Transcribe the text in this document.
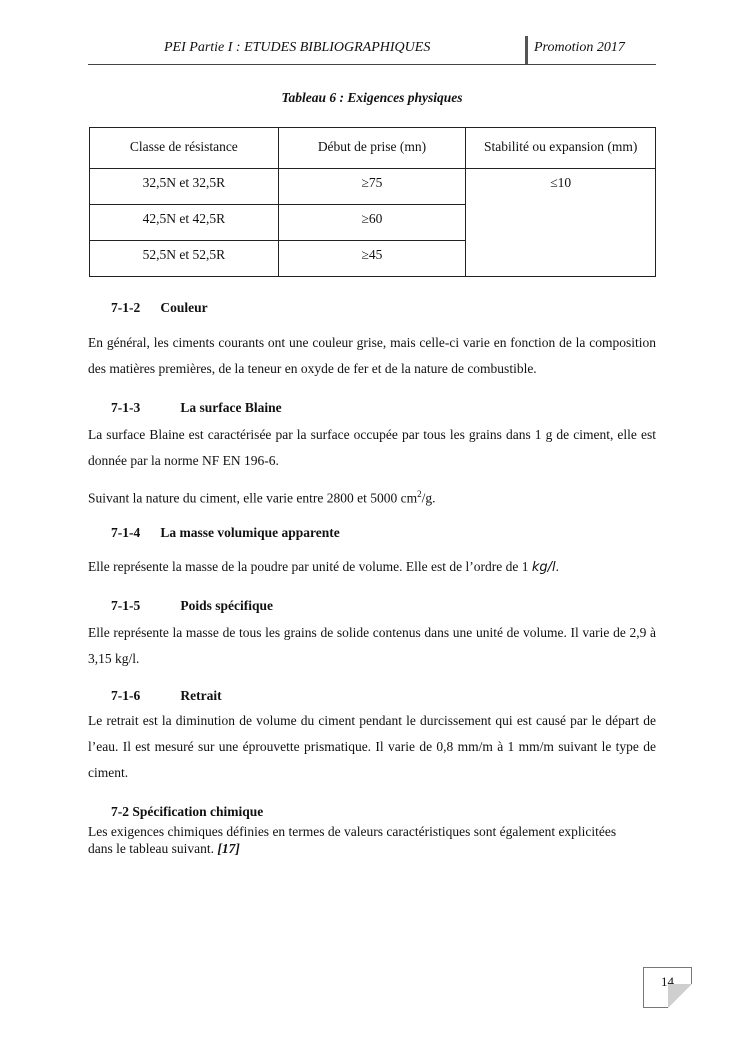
PEI Partie I : ETUDES BIBLIOGRAPHIQUES	Promotion 2017
Tableau 6 : Exigences physiques
Classe de résistance	Début de prise (mn)	Stabilité ou expansion (mm)
32,5N et 32,5R	≥75	≤10
42,5N et 42,5R	≥60	
52,5N et 52,5R	≥45	
7-1-2 Couleur
En général, les ciments courants ont une couleur grise, mais celle-ci varie en fonction de la composition des matières premières, de la teneur en oxyde de fer et de la nature de combustible.
7-1-3	La surface Blaine
La surface Blaine est caractérisée par la surface occupée par tous les grains dans 1 g de ciment, elle est donnée par la norme NF EN 196-6.
Suivant la nature du ciment, elle varie entre 2800 et 5000 $cm^2/g$.
7-1-4 La masse volumique apparente
Elle représente la masse de la poudre par unité de volume. Elle est de l’ordre de 1 kg/l.
7-1-5	Poids spécifique
Elle représente la masse de tous les grains de solide contenus dans une unité de volume. Il varie de 2,9 à 3,15 kg/l.
7-1-6	Retrait
Le retrait est la diminution de volume du ciment pendant le durcissement qui est causé par le départ de l’eau. Il est mesuré sur une éprouvette prismatique. Il varie de 0,8 mm/m à 1 mm/m suivant le type de ciment.
7-2 Spécification chimique
Les exigences chimiques définies en termes de valeurs caractéristiques sont également explicitées dans le tableau suivant. [17]
14
